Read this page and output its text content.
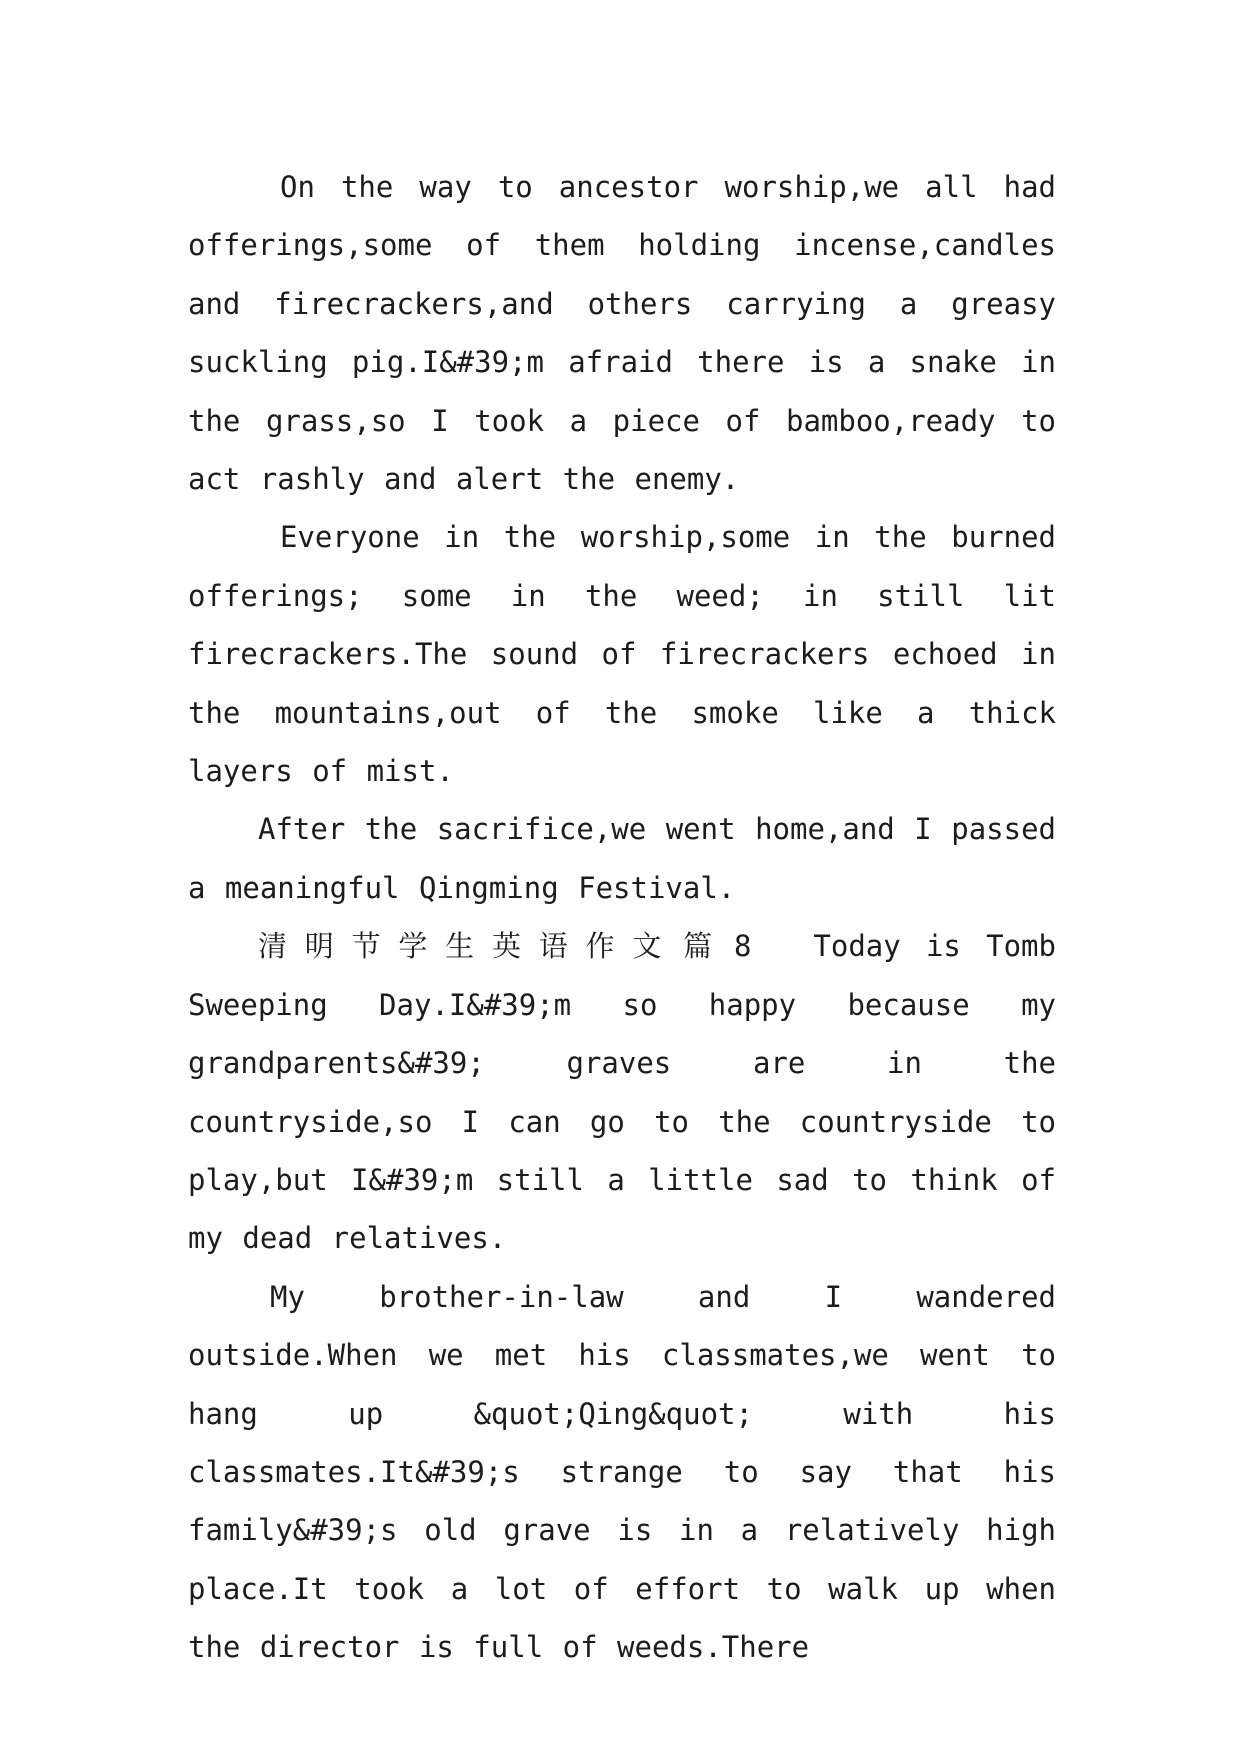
On the way to ancestor worship,we all had offerings,some of them holding incense,candles and firecrackers,and others carrying a greasy suckling pig.I&#39;m afraid there is a snake in the grass,so I took a piece of bamboo,ready to act rashly and alert the enemy.

Everyone in the worship,some in the burned offerings; some in the weed; in still lit firecrackers.The sound of firecrackers echoed in the mountains,out of the smoke like a thick layers of mist.

After the sacrifice,we went home,and I passed a meaningful Qingming Festival.

清明节学生英语作文 篇 8 Today is Tomb Sweeping Day.I&#39;m so happy because my grandparents&#39; graves are in the countryside,so I can go to the countryside to play,but I&#39;m still a little sad to think of my dead relatives.

My brother-in-law and I wandered outside.When we met his classmates,we went to hang up &quot;Qing&quot; with his classmates.It&#39;s strange to say that his family&#39;s old grave is in a relatively high place.It took a lot of effort to walk up when the director is full of weeds.There
